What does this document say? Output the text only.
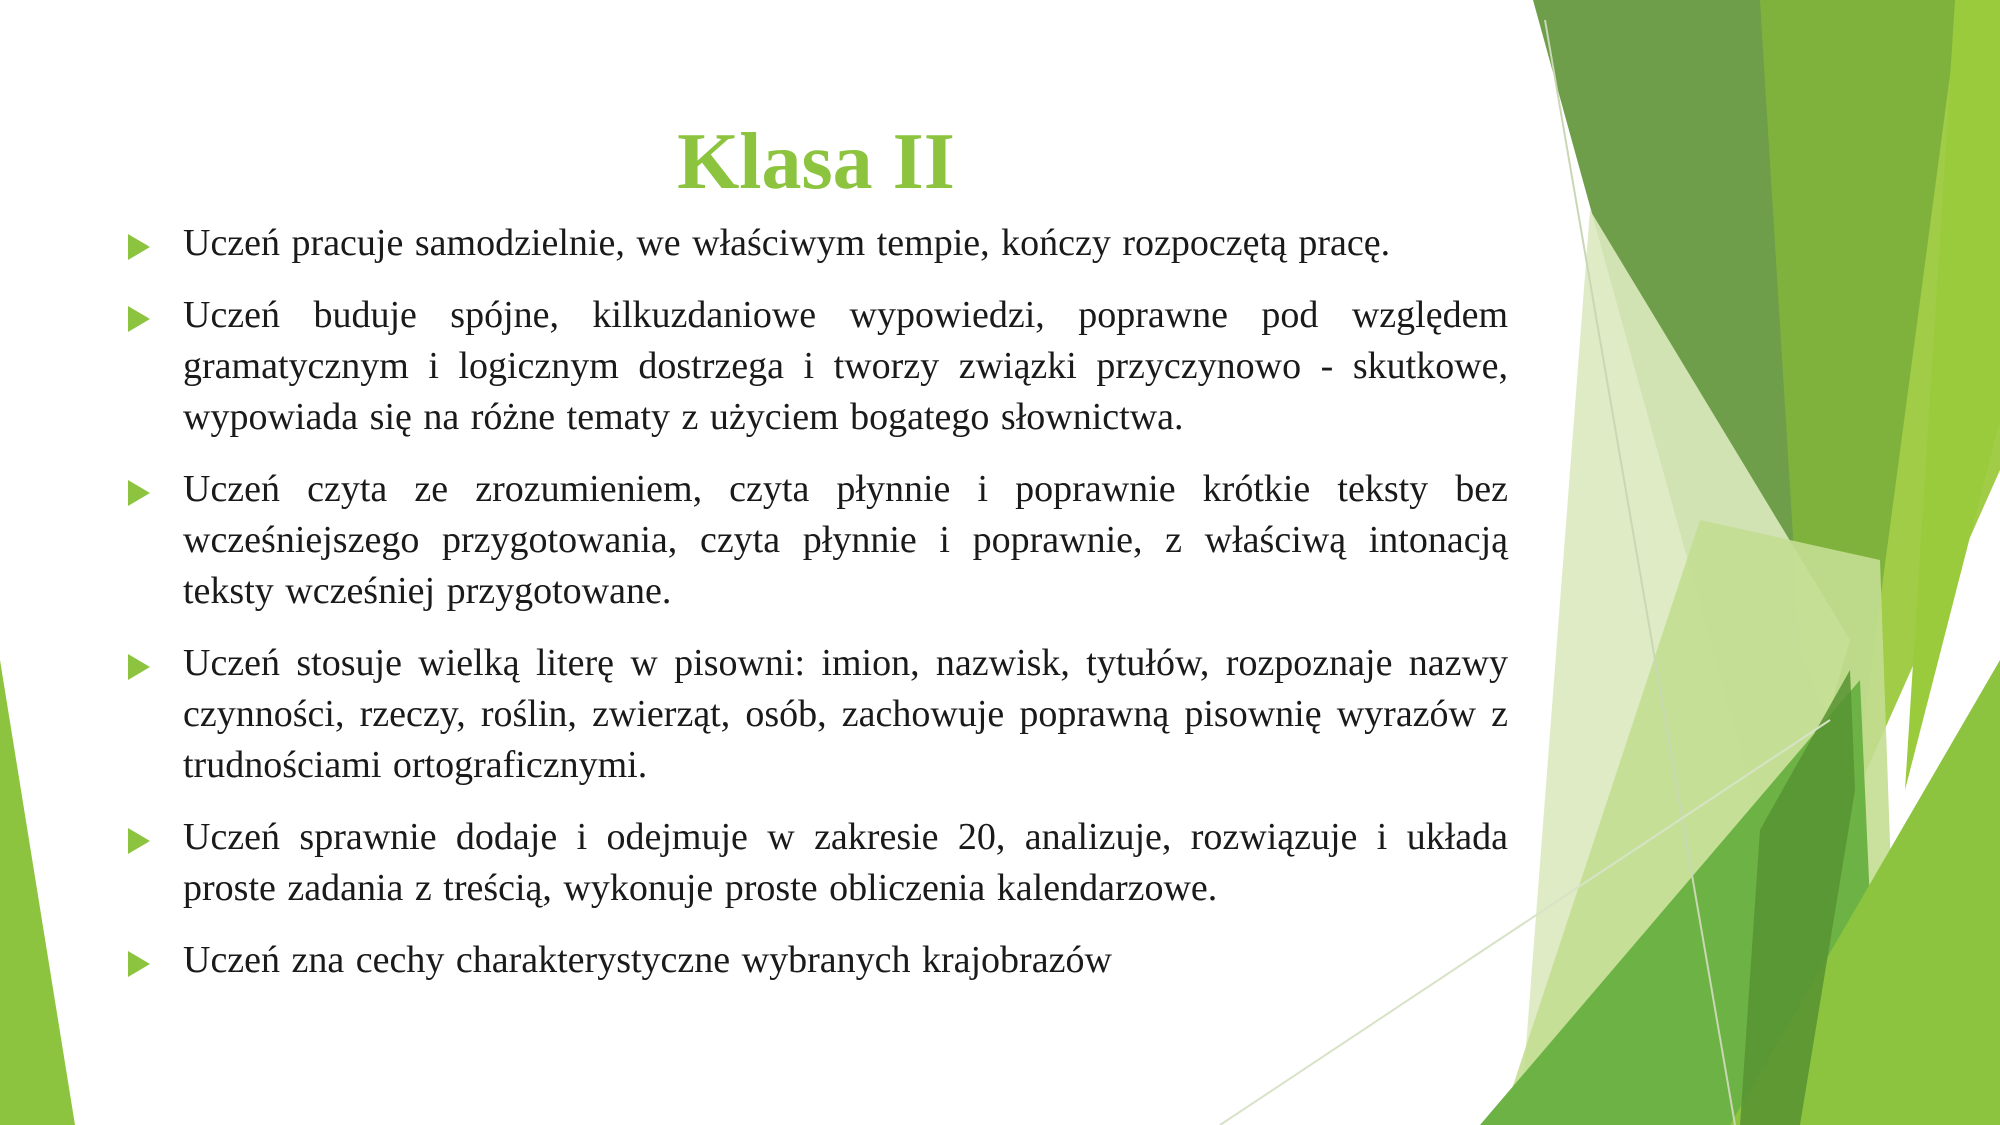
Klasa II
Uczeń pracuje samodzielnie, we właściwym tempie, kończy rozpoczętą pracę.
Uczeń buduje spójne, kilkuzdaniowe wypowiedzi, poprawne pod względem gramatycznym i logicznym dostrzega i tworzy związki przyczynowo - skutkowe, wypowiada się na różne tematy z użyciem bogatego słownictwa.
Uczeń czyta ze zrozumieniem, czyta płynnie i poprawnie krótkie teksty bez wcześniejszego przygotowania, czyta płynnie i poprawnie, z właściwą intonacją teksty wcześniej przygotowane.
Uczeń stosuje wielką literę w pisowni: imion, nazwisk, tytułów, rozpoznaje nazwy czynności, rzeczy, roślin, zwierząt, osób, zachowuje poprawną pisownię wyrazów z trudnościami ortograficznymi.
Uczeń sprawnie dodaje i odejmuje w zakresie 20, analizuje, rozwiązuje i układa proste zadania z treścią, wykonuje proste obliczenia kalendarzowe.
Uczeń zna cechy charakterystyczne wybranych krajobrazów
